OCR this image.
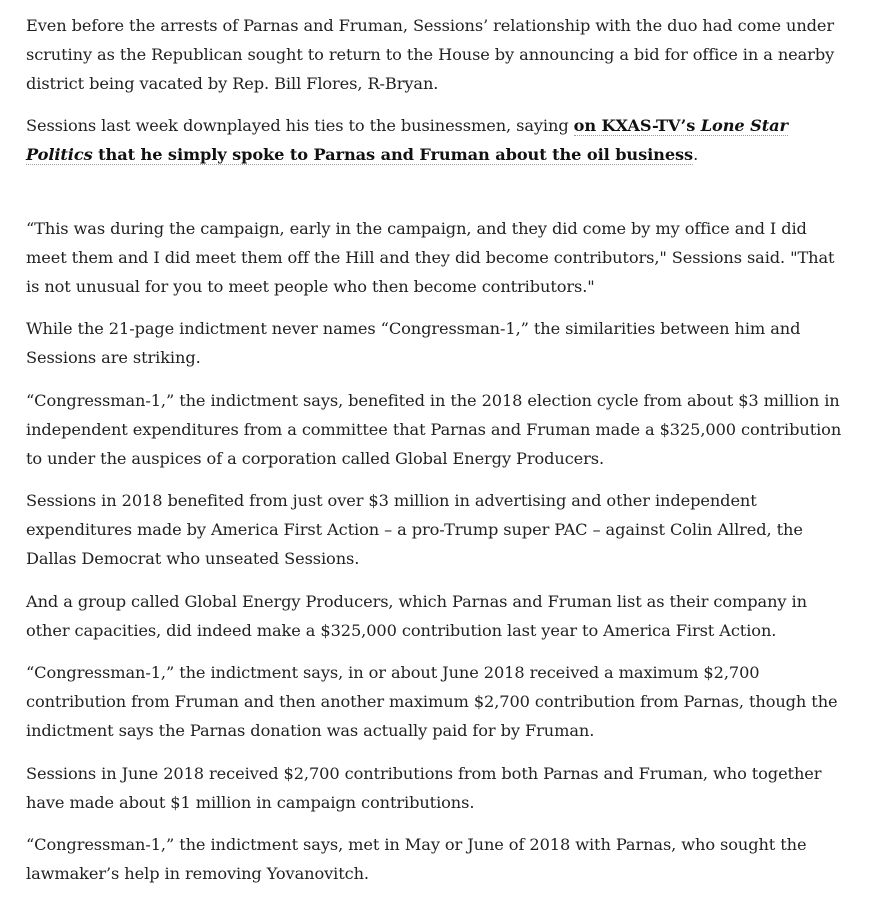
Even before the arrests of Parnas and Fruman, Sessions’ relationship with the duo had come under scrutiny as the Republican sought to return to the House by announcing a bid for office in a nearby district being vacated by Rep. Bill Flores, R-Bryan.

Sessions last week downplayed his ties to the businessmen, saying on KXAS-TV’s Lone Star Politics that he simply spoke to Parnas and Fruman about the oil business.

“This was during the campaign, early in the campaign, and they did come by my office and I did meet them and I did meet them off the Hill and they did become contributors," Sessions said. "That is not unusual for you to meet people who then become contributors."

While the 21-page indictment never names “Congressman-1,” the similarities between him and Sessions are striking.

“Congressman-1,” the indictment says, benefited in the 2018 election cycle from about $3 million in independent expenditures from a committee that Parnas and Fruman made a $325,000 contribution to under the auspices of a corporation called Global Energy Producers.

Sessions in 2018 benefited from just over $3 million in advertising and other independent expenditures made by America First Action – a pro-Trump super PAC – against Colin Allred, the Dallas Democrat who unseated Sessions.

And a group called Global Energy Producers, which Parnas and Fruman list as their company in other capacities, did indeed make a $325,000 contribution last year to America First Action.

“Congressman-1,” the indictment says, in or about June 2018 received a maximum $2,700 contribution from Fruman and then another maximum $2,700 contribution from Parnas, though the indictment says the Parnas donation was actually paid for by Fruman.

Sessions in June 2018 received $2,700 contributions from both Parnas and Fruman, who together have made about $1 million in campaign contributions.

“Congressman-1,” the indictment says, met in May or June of 2018 with Parnas, who sought the lawmaker’s help in removing Yovanovitch.
